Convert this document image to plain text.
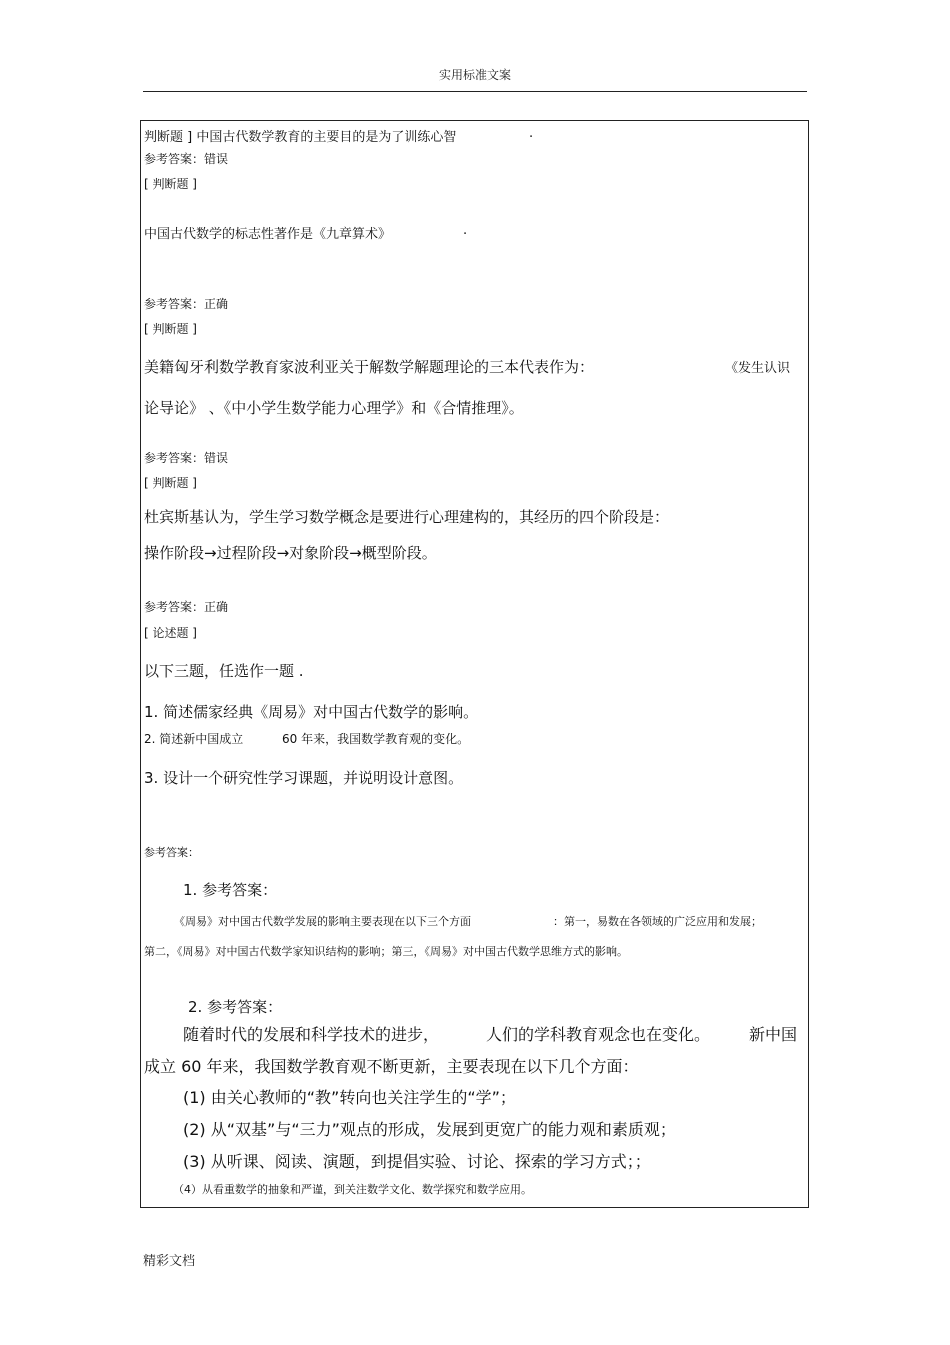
实用标准文案
判断题 ] 中国古代数学教育的主要目的是为了训练心智	.
参考答案：错误
[ 判断题 ]
中国古代数学的标志性著作是《九章算术》	.
参考答案：正确
[ 判断题 ]
美籍匈牙利数学教育家波利亚关于解数学解题理论的三本代表作为：	《发生认识
论导论》 、《中小学生数学能力心理学》和《合情推理》。
参考答案：错误
[ 判断题 ]
杜宾斯基认为，学生学习数学概念是要进行心理建构的，其经历的四个阶段是：
操作阶段→过程阶段→对象阶段→概型阶段。
参考答案：正确
[ 论述题 ]
以下三题，任选作一题 .
1. 简述儒家经典《周易》对中国古代数学的影响。
2. 简述新中国成立	60 年来，我国数学教育观的变化。
3. 设计一个研究性学习课题，并说明设计意图。
参考答案：
1. 参考答案：
《周易》对中国古代数学发展的影响主要表现在以下三个方面	：第一，易数在各领域的广泛应用和发展；
第二，《周易》对中国古代数学家知识结构的影响；第三，《周易》对中国古代数学思维方式的影响。
2. 参考答案：
随着时代的发展和科学技术的进步，	人们的学科教育观念也在变化。 新中国
成立 60 年来，我国数学教育观不断更新，主要表现在以下几个方面：
(1) 由关心教师的“教”转向也关注学生的“学”；
(2) 从“双基”与“三力”观点的形成，发展到更宽广的能力观和素质观；
(3) 从听课、阅读、演题，到提倡实验、讨论、探索的学习方式；；
（4）从看重数学的抽象和严谨，到关注数学文化、数学探究和数学应用。
精彩文档
